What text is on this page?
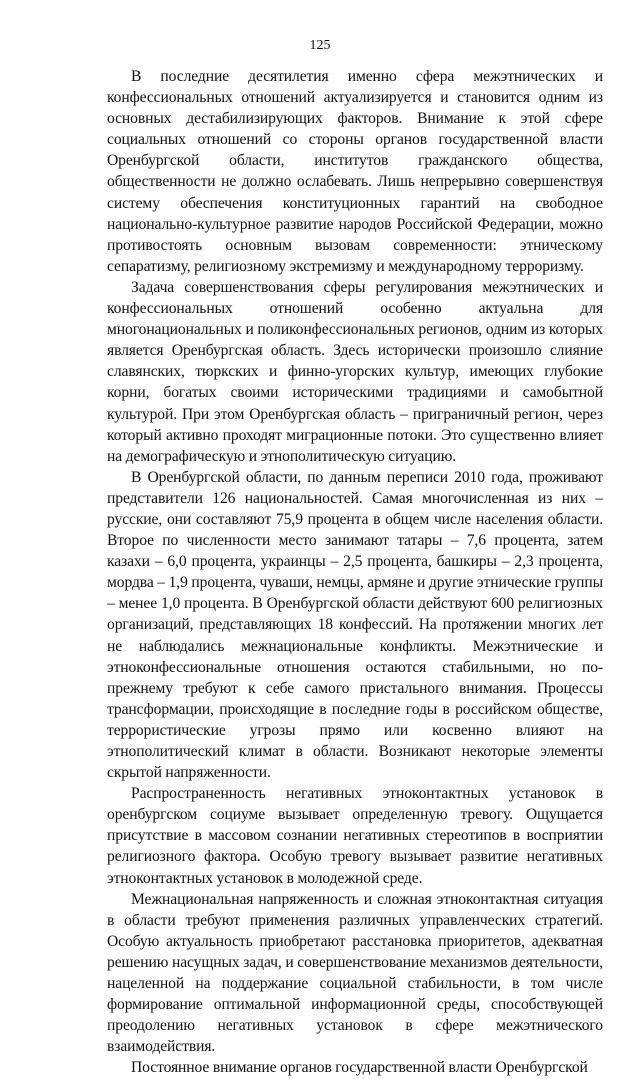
125

В последние десятилетия именно сфера межэтнических и конфессиональных отношений актуализируется и становится одним из основных дестабилизирующих факторов. Внимание к этой сфере социальных отношений со стороны органов государственной власти Оренбургской области, институтов гражданского общества, общественности не должно ослабевать. Лишь непрерывно совершенствуя систему обеспечения конституционных гарантий на свободное национально-культурное развитие народов Российской Федерации, можно противостоять основным вызовам современности: этническому сепаратизму, религиозному экстремизму и международному терроризму.

Задача совершенствования сферы регулирования межэтнических и конфессиональных отношений особенно актуальна для многонациональных и поликонфессиональных регионов, одним из которых является Оренбургская область. Здесь исторически произошло слияние славянских, тюркских и финно-угорских культур, имеющих глубокие корни, богатых своими историческими традициями и самобытной культурой. При этом Оренбургская область – приграничный регион, через который активно проходят миграционные потоки. Это существенно влияет на демографическую и этнополитическую ситуацию.

В Оренбургской области, по данным переписи 2010 года, проживают представители 126 национальностей. Самая многочисленная из них – русские, они составляют 75,9 процента в общем числе населения области. Второе по численности место занимают татары – 7,6 процента, затем казахи – 6,0 процента, украинцы – 2,5 процента, башкиры – 2,3 процента, мордва – 1,9 процента, чуваши, немцы, армяне и другие этнические группы – менее 1,0 процента. В Оренбургской области действуют 600 религиозных организаций, представляющих 18 конфессий. На протяжении многих лет не наблюдались межнациональные конфликты. Межэтнические и этноконфессиональные отношения остаются стабильными, но по-прежнему требуют к себе самого пристального внимания. Процессы трансформации, происходящие в последние годы в российском обществе, террористические угрозы прямо или косвенно влияют на этнополитический климат в области. Возникают некоторые элементы скрытой напряженности.

Распространенность негативных этноконтактных установок в оренбургском социуме вызывает определенную тревогу. Ощущается присутствие в массовом сознании негативных стереотипов в восприятии религиозного фактора. Особую тревогу вызывает развитие негативных этноконтактных установок в молодежной среде.

Межнациональная напряженность и сложная этноконтактная ситуация в области требуют применения различных управленческих стратегий. Особую актуальность приобретают расстановка приоритетов, адекватная решению насущных задач, и совершенствование механизмов деятельности, нацеленной на поддержание социальной стабильности, в том числе формирование оптимальной информационной среды, способствующей преодолению негативных установок в сфере межэтнического взаимодействия.

Постоянное внимание органов государственной власти Оренбургской
